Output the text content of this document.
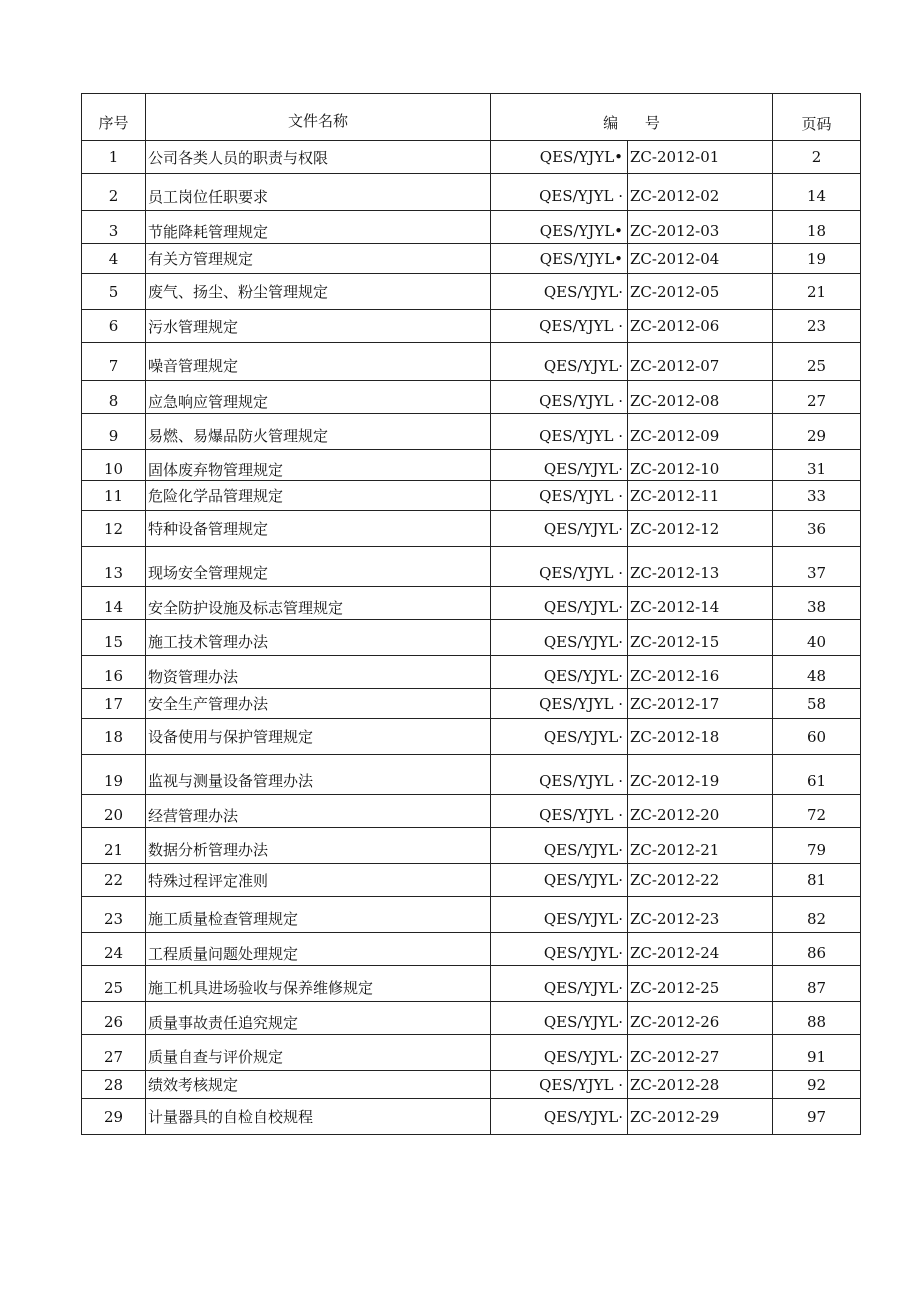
序号	文件名称	编 号		页码
1	公司各类人员的职责与权限	QES/YJYL•	ZC-2012-01	2
2	员工岗位任职要求	QES/YJYL ·	ZC-2012-02	14
3	节能降耗管理规定	QES/YJYL•	ZC-2012-03	18
4	有关方管理规定	QES/YJYL•	ZC-2012-04	19
5	废气、扬尘、粉尘管理规定	QES/YJYL·	ZC-2012-05	21
6	污水管理规定	QES/YJYL ·	ZC-2012-06	23
7	噪音管理规定	QES/YJYL·	ZC-2012-07	25
8	应急响应管理规定	QES/YJYL ·	ZC-2012-08	27
9	易燃、易爆品防火管理规定	QES/YJYL ·	ZC-2012-09	29
10	固体废弃物管理规定	QES/YJYL·	ZC-2012-10	31
11	危险化学品管理规定	QES/YJYL ·	ZC-2012-11	33
12	特种设备管理规定	QES/YJYL·	ZC-2012-12	36
13	现场安全管理规定	QES/YJYL ·	ZC-2012-13	37
14	安全防护设施及标志管理规定	QES/YJYL·	ZC-2012-14	38
15	施工技术管理办法	QES/YJYL·	ZC-2012-15	40
16	物资管理办法	QES/YJYL·	ZC-2012-16	48
17	安全生产管理办法	QES/YJYL ·	ZC-2012-17	58
18	设备使用与保护管理规定	QES/YJYL·	ZC-2012-18	60
19	监视与测量设备管理办法	QES/YJYL ·	ZC-2012-19	61
20	经营管理办法	QES/YJYL ·	ZC-2012-20	72
21	数据分析管理办法	QES/YJYL·	ZC-2012-21	79
22	特殊过程评定准则	QES/YJYL·	ZC-2012-22	81
23	施工质量检查管理规定	QES/YJYL·	ZC-2012-23	82
24	工程质量问题处理规定	QES/YJYL·	ZC-2012-24	86
25	施工机具进场验收与保养维修规定	QES/YJYL·	ZC-2012-25	87
26	质量事故责任追究规定	QES/YJYL·	ZC-2012-26	88
27	质量自查与评价规定	QES/YJYL·	ZC-2012-27	91
28	绩效考核规定	QES/YJYL ·	ZC-2012-28	92
29	计量器具的自检自校规程	QES/YJYL·	ZC-2012-29	97
